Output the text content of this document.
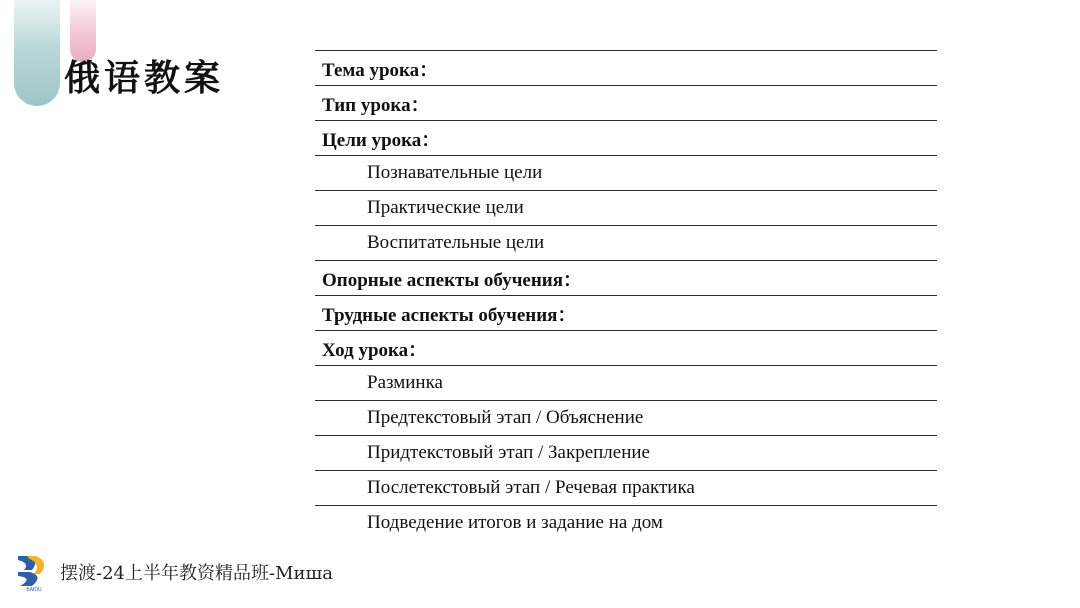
俄语教案	Тема урока：
Тип урока：
Цели урока：
Познавательные цели
Практические цели
Воспитательные цели
Опорные аспекты обучения：
Трудные аспекты обучения：
Ход урока：
Разминка
Предтекстовый этап / Объяснение
Придтекстовый этап / Закрепление
Послетекстовый этап / Речевая практика
Подведение итогов и задание на дом
BAIDU
摆渡-24上半年教资精品班-Миша
